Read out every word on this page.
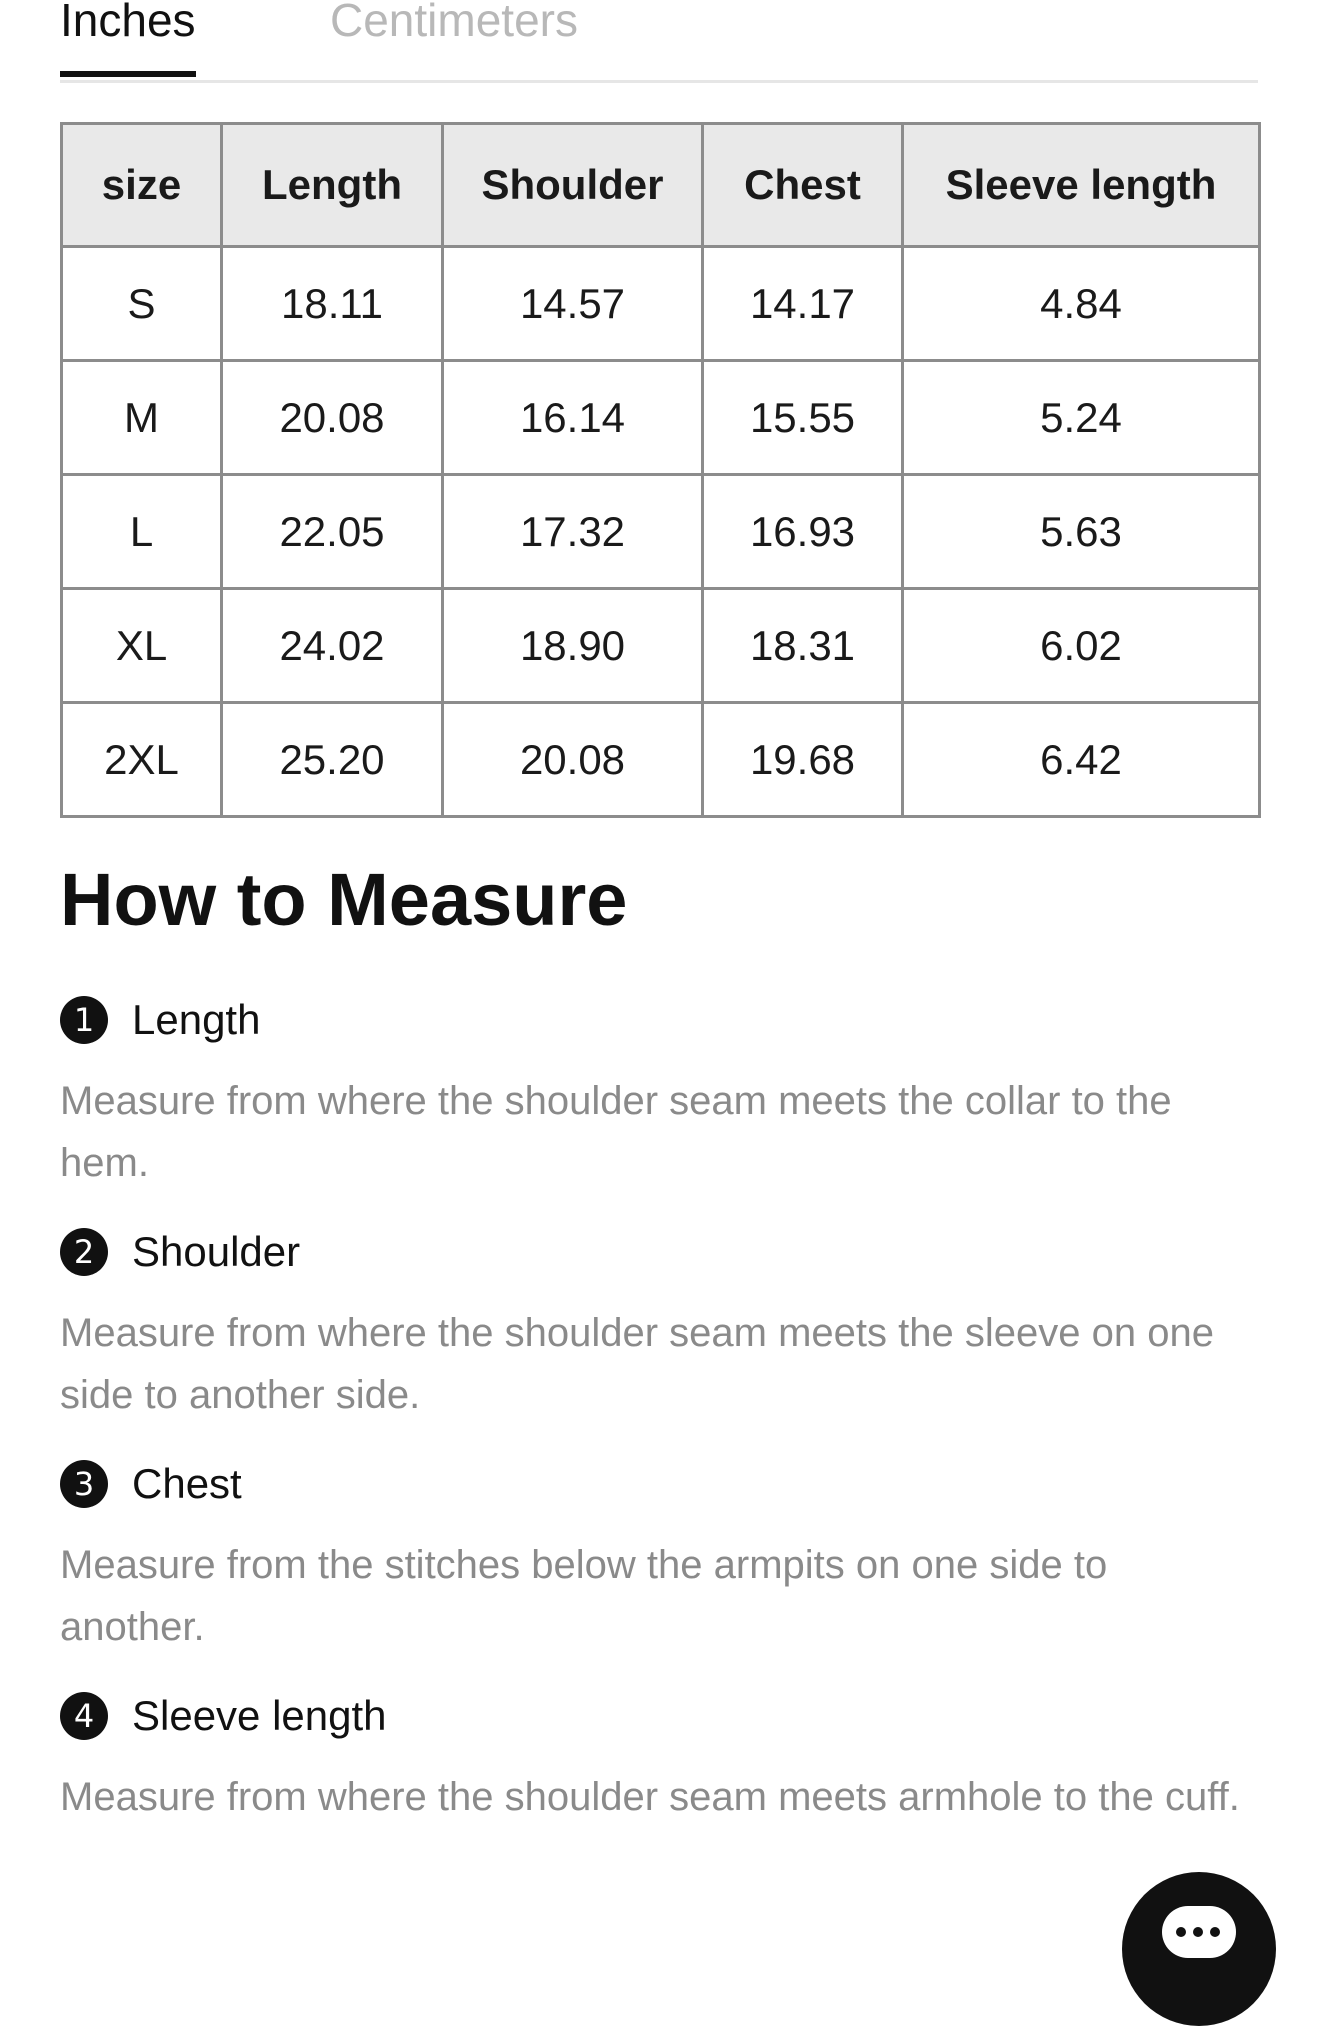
Inches	Centimeters
size	Length	Shoulder	Chest	Sleeve length
S	18.11	14.57	14.17	4.84
M	20.08	16.14	15.55	5.24
L	22.05	17.32	16.93	5.63
XL	24.02	18.90	18.31	6.02
2XL	25.20	20.08	19.68	6.42
How to Measure
1 Length

Measure from where the shoulder seam meets the collar to the hem.

2 Shoulder

Measure from where the shoulder seam meets the sleeve on one side to another side.

3 Chest

Measure from the stitches below the armpits on one side to another.

4 Sleeve length

Measure from where the shoulder seam meets armhole to the cuff.
